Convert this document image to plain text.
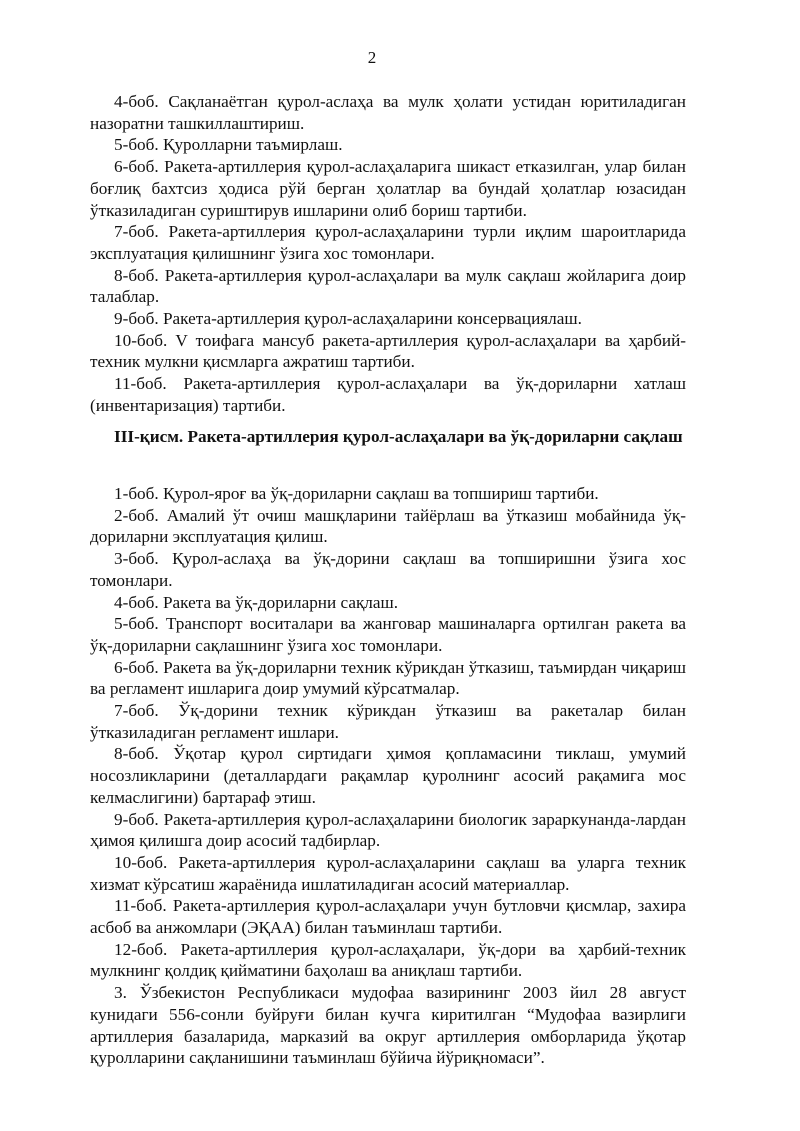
2

4-боб. Сақланаётган қурол-аслаҳа ва мулк ҳолати устидан юритиладиган назоратни ташкиллаштириш.

5-боб. Қуролларни таъмирлаш.

6-боб. Ракета-артиллерия қурол-аслаҳаларига шикаст етказилган, улар билан боғлиқ бахтсиз ҳодиса рўй берган ҳолатлар ва бундай ҳолатлар юзасидан ўтказиладиган суриштирув ишларини олиб бориш тартиби.

7-боб. Ракета-артиллерия қурол-аслаҳаларини турли иқлим шароитларида эксплуатация қилишнинг ўзига хос томонлари.

8-боб. Ракета-артиллерия қурол-аслаҳалари ва мулк сақлаш жойларига доир талаблар.

9-боб. Ракета-артиллерия қурол-аслаҳаларини консервациялаш.

10-боб. V тоифага мансуб ракета-артиллерия қурол-аслаҳалари ва ҳарбий-техник мулкни қисмларга ажратиш тартиби.

11-боб. Ракета-артиллерия қурол-аслаҳалари ва ўқ-дориларни хатлаш (инвентаризация) тартиби.

III-қисм. Ракета-артиллерия қурол-аслаҳалари ва ўқ-дориларни сақлаш

1-боб. Қурол-яроғ ва ўқ-дориларни сақлаш ва топшириш тартиби.

2-боб. Амалий ўт очиш машқларини тайёрлаш ва ўтказиш мобайнида ўқ-дориларни эксплуатация қилиш.

3-боб. Қурол-аслаҳа ва ўқ-дорини сақлаш ва топширишни ўзига хос томонлари.

4-боб. Ракета ва ўқ-дориларни сақлаш.

5-боб. Транспорт воситалари ва жанговар машиналарга ортилган ракета ва ўқ-дориларни сақлашнинг ўзига хос томонлари.

6-боб. Ракета ва ўқ-дориларни техник кўрикдан ўтказиш, таъмирдан чиқариш ва регламент ишларига доир умумий кўрсатмалар.

7-боб. Ўқ-дорини техник кўрикдан ўтказиш ва ракеталар билан ўтказиладиган регламент ишлари.

8-боб. Ўқотар қурол сиртидаги ҳимоя қопламасини тиклаш, умумий носозликларини (деталлардаги рақамлар қуролнинг асосий рақамига мос келмаслигини) бартараф этиш.

9-боб. Ракета-артиллерия қурол-аслаҳаларини биологик зараркунанда-лардан ҳимоя қилишга доир асосий тадбирлар.

10-боб. Ракета-артиллерия қурол-аслаҳаларини сақлаш ва уларга техник хизмат кўрсатиш жараёнида ишлатиладиган асосий материаллар.

11-боб. Ракета-артиллерия қурол-аслаҳалари учун бутловчи қисмлар, захира асбоб ва анжомлари (ЭҚАА) билан таъминлаш тартиби.

12-боб. Ракета-артиллерия қурол-аслаҳалари, ўқ-дори ва ҳарбий-техник мулкнинг қолдиқ қийматини баҳолаш ва аниқлаш тартиби.

3. Ўзбекистон Республикаси мудофаа вазирининг 2003 йил 28 август кунидаги 556-сонли буйруғи билан кучга киритилган “Мудофаа вазирлиги артиллерия базаларида, марказий ва округ артиллерия омборларида ўқотар қуролларини сақланишини таъминлаш бўйича йўриқномаси”.
